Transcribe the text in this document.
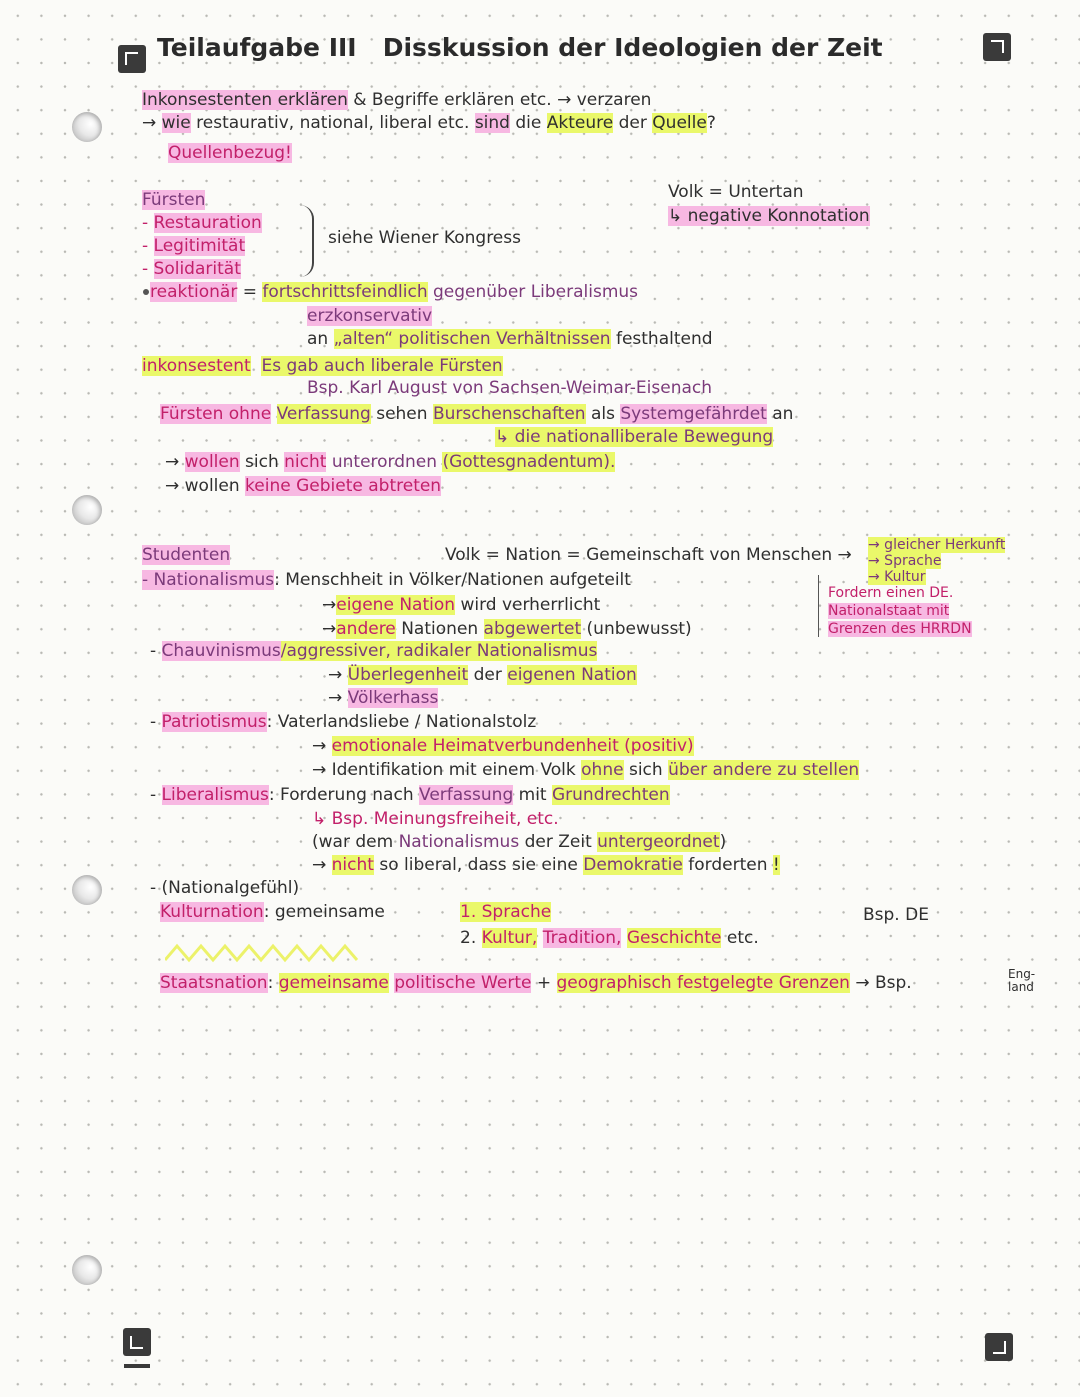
Teilaufgabe III Disskussion der Ideologien der Zeit
Inkonsestenten erklären & Begriffe erklären etc. → verzaren
→ wie restaurativ, national, liberal etc. sind die Akteure der Quelle?
Quellenbezug!
Fürsten	Volk = Untertan
↳ negative Konnotation
- Restauration
- Legitimität
- Solidarität
siehe Wiener Kongress
reaktionär = fortschrittsfeindlich gegenüber Liberalismus
erzkonservativ
an „alten“ politischen Verhältnissen festhaltend
inkonsestent Es gab auch liberale Fürsten
Bsp. Karl August von Sachsen-Weimar-Eisenach
Fürsten ohne Verfassung sehen Burschenschaften als Systemgefährdet an
↳ die nationalliberale Bewegung
→ wollen sich nicht unterordnen (Gottesgnadentum).
→ wollen keine Gebiete abtreten
Studenten	Volk = Nation = Gemeinschaft von Menschen → → gleicher Herkunft
→ Sprache
→ Kultur
Fordern einen DE.
Nationalstaat mit
Grenzen des HRRDN
- Nationalismus: Menschheit in Völker/Nationen aufgeteilt
→eigene Nation wird verherrlicht
→andere Nationen abgewertet (unbewusst)
- Chauvinismus/aggressiver, radikaler Nationalismus
→ Überlegenheit der eigenen Nation
→ Völkerhass
- Patriotismus: Vaterlandsliebe / Nationalstolz
→ emotionale Heimatverbundenheit (positiv)
→ Identifikation mit einem Volk ohne sich über andere zu stellen
- Liberalismus: Forderung nach Verfassung mit Grundrechten
↳ Bsp. Meinungsfreiheit, etc.
(war dem Nationalismus der Zeit untergeordnet)
→ nicht so liberal, dass sie eine Demokratie forderten !
- (Nationalgefühl)
Kulturnation: gemeinsame	1. Sprache
2. Kultur, Tradition, Geschichte etc.
Bsp. DE
Staatsnation: gemeinsame politische Werte + geographisch festgelegte Grenzen → Bsp.	Eng-
land
